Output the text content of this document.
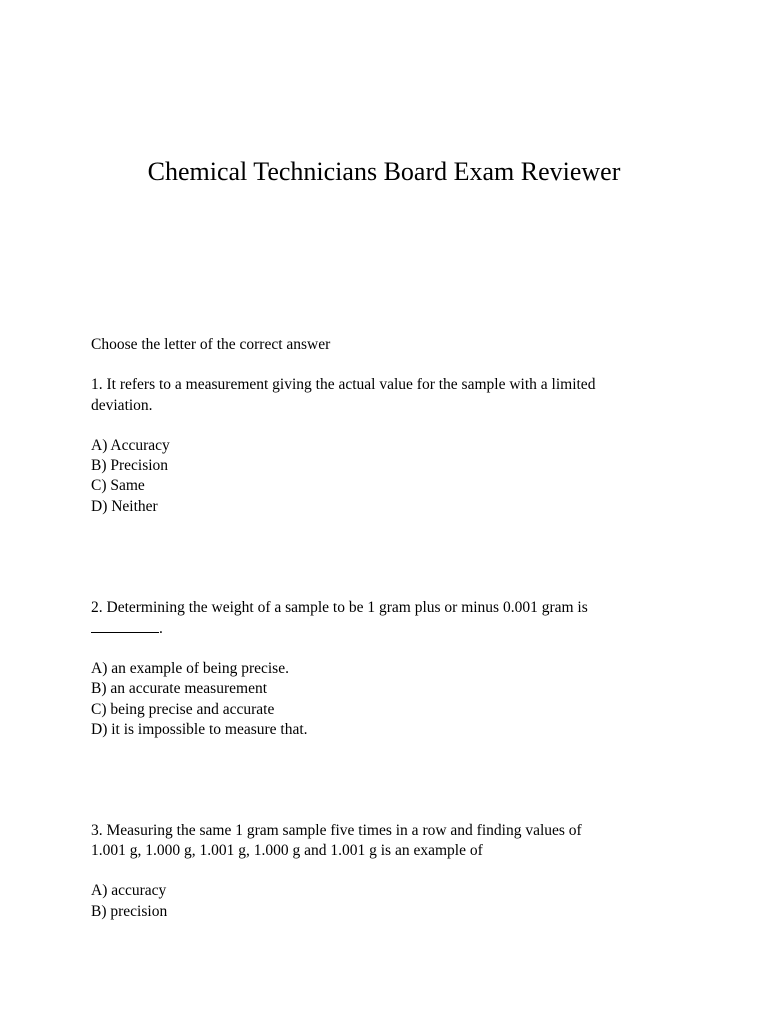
Chemical Technicians Board Exam Reviewer
Choose the letter of the correct answer
1. It refers to a measurement giving the actual value for the sample with a limited
deviation.
A) Accuracy
B) Precision
C) Same
D) Neither
2. Determining the weight of a sample to be 1 gram plus or minus 0.001 gram is
.
A) an example of being precise.
B) an accurate measurement
C) being precise and accurate
D) it is impossible to measure that.
3. Measuring the same 1 gram sample five times in a row and finding values of
1.001 g, 1.000 g, 1.001 g, 1.000 g and 1.001 g is an example of
A) accuracy
B) precision
